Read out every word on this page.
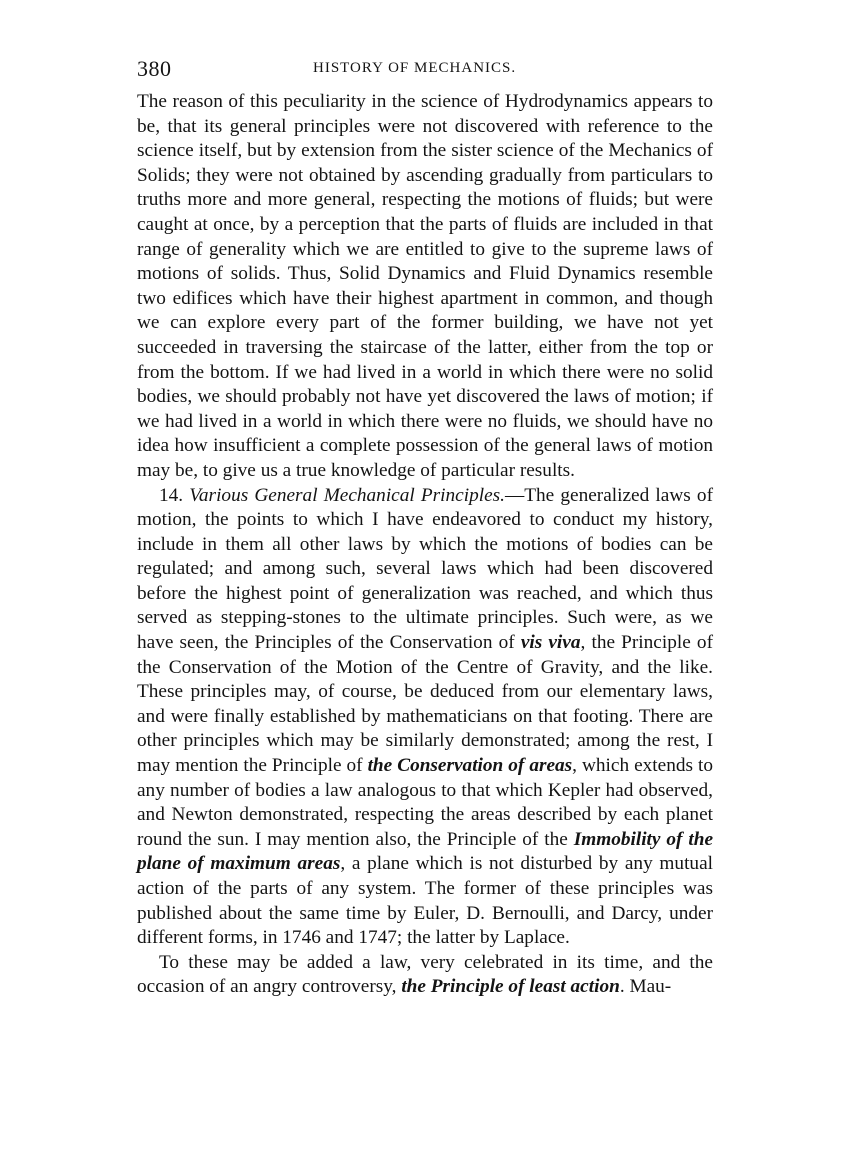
380	HISTORY OF MECHANICS.

The reason of this peculiarity in the science of Hydrodynamics appears to be, that its general principles were not discovered with reference to the science itself, but by extension from the sister science of the Mechanics of Solids; they were not obtained by ascending gradually from particulars to truths more and more general, respecting the motions of fluids; but were caught at once, by a perception that the parts of fluids are included in that range of generality which we are entitled to give to the supreme laws of motions of solids. Thus, Solid Dynamics and Fluid Dynamics resemble two edifices which have their highest apartment in common, and though we can explore every part of the former building, we have not yet succeeded in traversing the staircase of the latter, either from the top or from the bottom. If we had lived in a world in which there were no solid bodies, we should probably not have yet discovered the laws of motion; if we had lived in a world in which there were no fluids, we should have no idea how insufficient a complete possession of the general laws of motion may be, to give us a true knowledge of particular results.

14. Various General Mechanical Principles.—The generalized laws of motion, the points to which I have endeavored to conduct my history, include in them all other laws by which the motions of bodies can be regulated; and among such, several laws which had been discovered before the highest point of generalization was reached, and which thus served as stepping-stones to the ultimate principles. Such were, as we have seen, the Principles of the Conservation of vis viva, the Principle of the Conservation of the Motion of the Centre of Gravity, and the like. These principles may, of course, be deduced from our elementary laws, and were finally established by mathematicians on that footing. There are other principles which may be similarly demonstrated; among the rest, I may mention the Principle of the Conservation of areas, which extends to any number of bodies a law analogous to that which Kepler had observed, and Newton demonstrated, respecting the areas described by each planet round the sun. I may mention also, the Principle of the Immobility of the plane of maximum areas, a plane which is not disturbed by any mutual action of the parts of any system. The former of these principles was published about the same time by Euler, D. Bernoulli, and Darcy, under different forms, in 1746 and 1747; the latter by Laplace.

To these may be added a law, very celebrated in its time, and the occasion of an angry controversy, the Principle of least action. Mau-
